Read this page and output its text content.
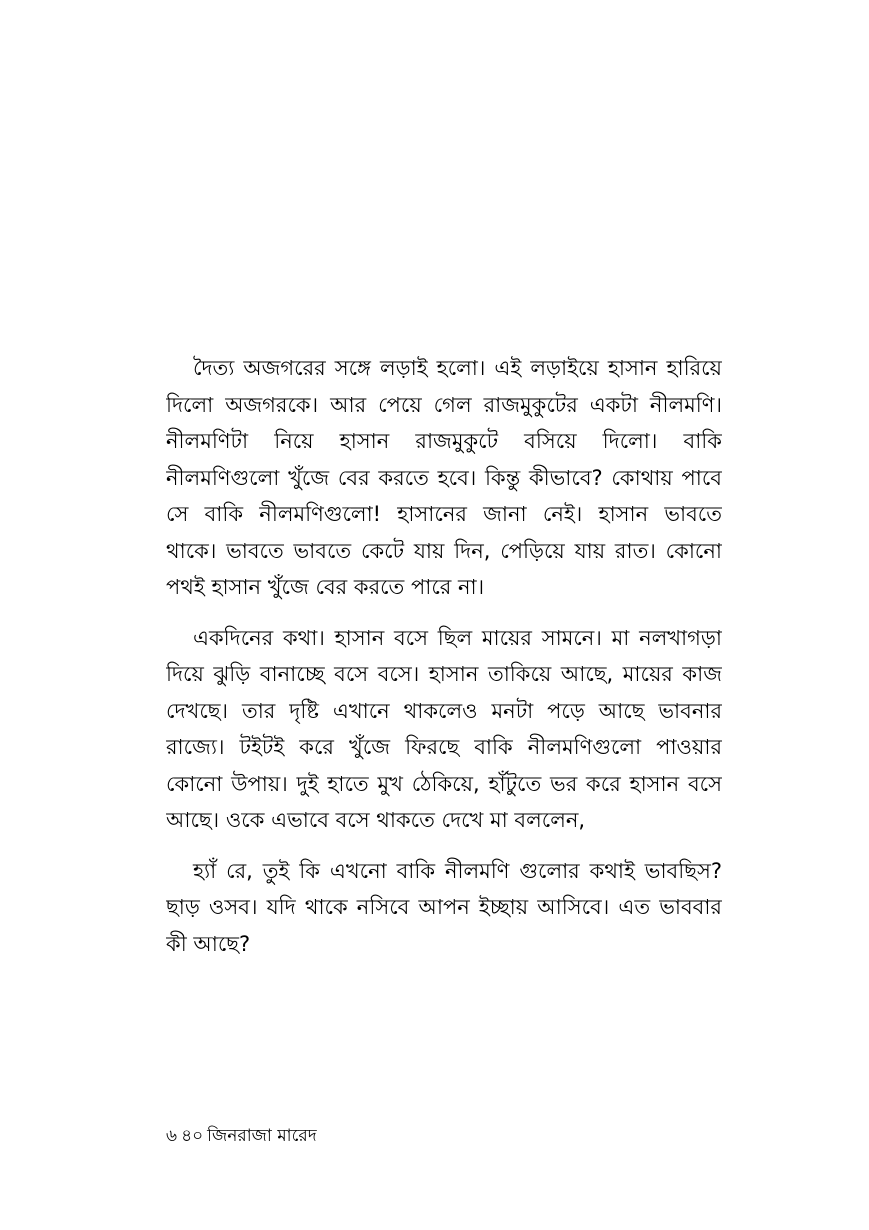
দৈত্য অজগরের সঙ্গে লড়াই হলো। এই লড়াইয়ে হাসান হারিয়ে
দিলো অজগরকে। আর পেয়ে গেল রাজমুকুটের একটা নীলমণি।
নীলমণিটা নিয়ে হাসান রাজমুকুটে বসিয়ে দিলো। বাকি
নীলমণিগুলো খুঁজে বের করতে হবে। কিন্তু কীভাবে? কোথায় পাবে
সে বাকি নীলমণিগুলো! হাসানের জানা নেই। হাসান ভাবতে
থাকে। ভাবতে ভাবতে কেটে যায় দিন, পেড়িয়ে যায় রাত। কোনো
পথই হাসান খুঁজে বের করতে পারে না।

একদিনের কথা। হাসান বসে ছিল মায়ের সামনে। মা নলখাগড়া
দিয়ে ঝুড়ি বানাচ্ছে বসে বসে। হাসান তাকিয়ে আছে, মায়ের কাজ
দেখছে। তার দৃষ্টি এখানে থাকলেও মনটা পড়ে আছে ভাবনার
রাজ্যে। টইটই করে খুঁজে ফিরছে বাকি নীলমণিগুলো পাওয়ার
কোনো উপায়। দুই হাতে মুখ ঠেকিয়ে, হাঁটুতে ভর করে হাসান বসে
আছে। ওকে এভাবে বসে থাকতে দেখে মা বললেন,

হ্যাঁ রে, তুই কি এখনো বাকি নীলমণি গুলোর কথাই ভাবছিস?
ছাড় ওসব। যদি থাকে নসিবে আপন ইচ্ছায় আসিবে। এত ভাববার
কী আছে?

৬ ৪০ জিনরাজা মারেদ
